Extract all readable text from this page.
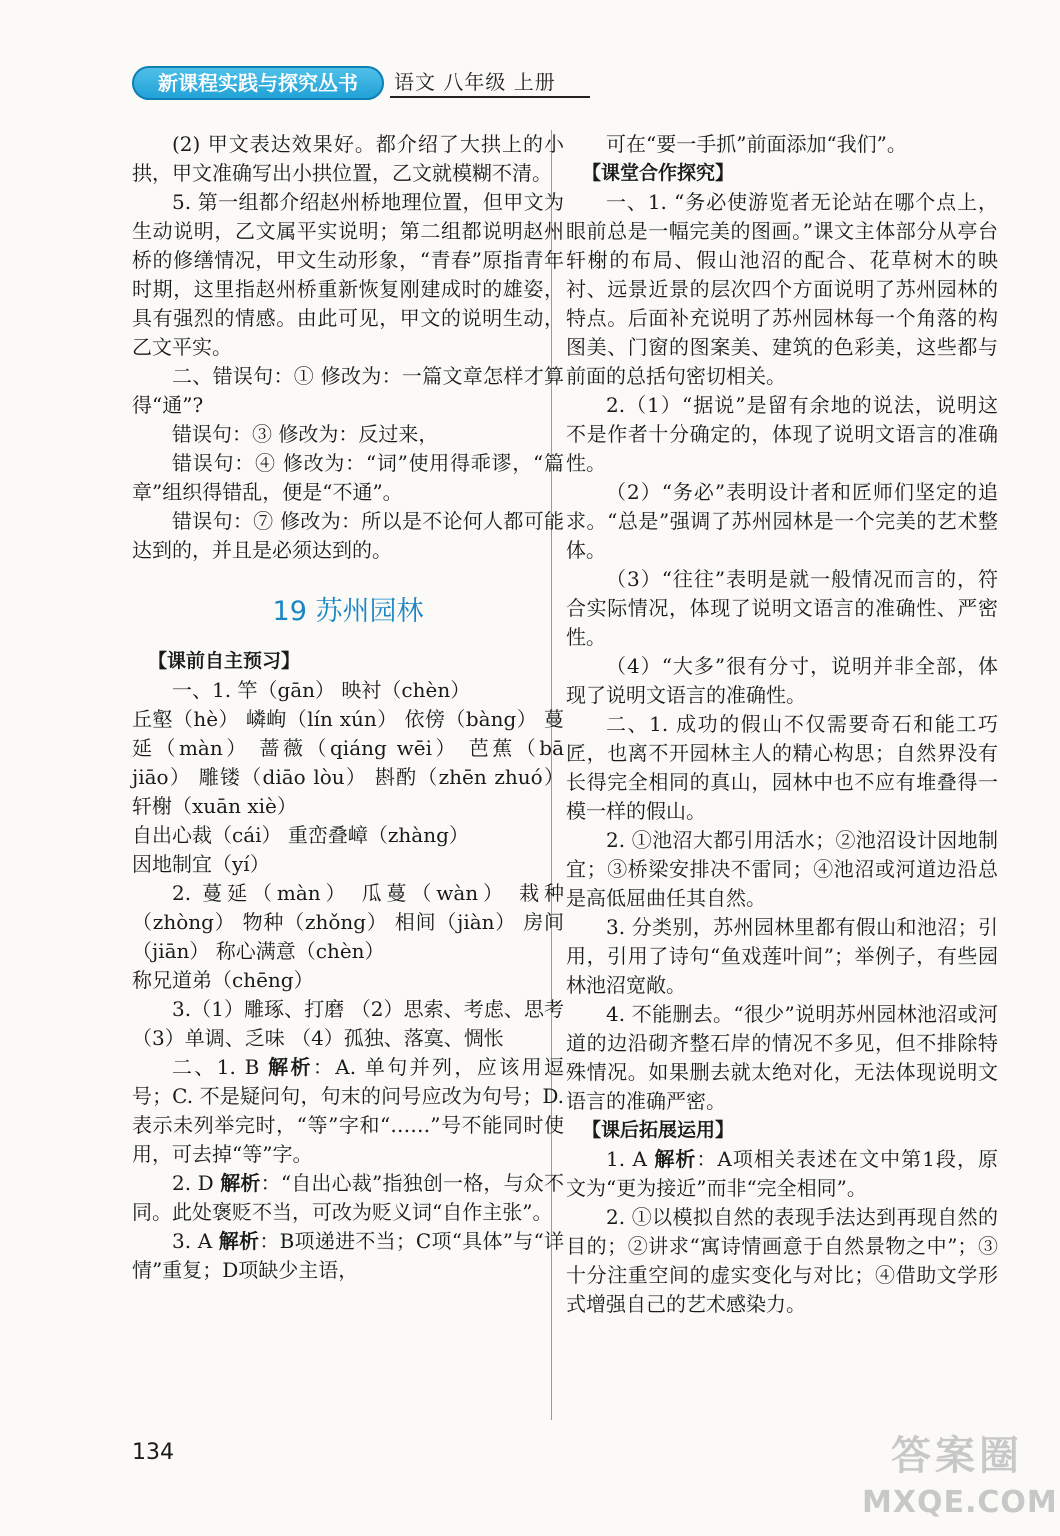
新课程实践与探究丛书	语文 八年级 上册

(2) 甲文表达效果好。都介绍了大拱上的小拱，甲文准确写出小拱位置，乙文就模糊不清。

5. 第一组都介绍赵州桥地理位置，但甲文为生动说明，乙文属平实说明；第二组都说明赵州桥的修缮情况，甲文生动形象，“青春”原指青年时期，这里指赵州桥重新恢复刚建成时的雄姿，具有强烈的情感。由此可见，甲文的说明生动，乙文平实。

二、错误句：① 修改为：一篇文章怎样才算得“通”?

错误句：③ 修改为：反过来，

错误句：④ 修改为：“词”使用得乖谬，“篇章”组织得错乱，便是“不通”。

错误句：⑦ 修改为：所以是不论何人都可能达到的，并且是必须达到的。

19 苏州园林
【课前自主预习】

一、1. 竿（gān） 映衬（chèn）

丘壑（hè） 嶙峋（lín xún） 依傍（bàng） 蔓延（màn） 蔷薇（qiáng wēi） 芭蕉（bā jiāo） 雕镂（diāo lòu） 斟酌（zhēn zhuó） 轩榭（xuān xiè）

自出心裁（cái） 重峦叠嶂（zhàng）

因地制宜（yí）

2. 蔓延（màn） 瓜蔓（wàn） 栽种（zhòng） 物种（zhǒng） 相间（jiàn） 房间（jiān） 称心满意（chèn）

称兄道弟（chēng）

3.（1）雕琢、打磨 （2）思索、考虑、思考 （3）单调、乏味 （4）孤独、落寞、惆怅

二、1. B 解析：A. 单句并列，应该用逗号；C. 不是疑问句，句末的问号应改为句号；D. 表示未列举完时，“等”字和“……”号不能同时使用，可去掉“等”字。

2. D 解析：“自出心裁”指独创一格，与众不同。此处褒贬不当，可改为贬义词“自作主张”。

3. A 解析：B项递进不当；C项“具体”与“详情”重复；D项缺少主语，

可在“要一手抓”前面添加“我们”。

【课堂合作探究】

一、1. “务必使游览者无论站在哪个点上，眼前总是一幅完美的图画。”课文主体部分从亭台轩榭的布局、假山池沼的配合、花草树木的映衬、远景近景的层次四个方面说明了苏州园林的特点。后面补充说明了苏州园林每一个角落的构图美、门窗的图案美、建筑的色彩美，这些都与前面的总括句密切相关。

2.（1）“据说”是留有余地的说法，说明这不是作者十分确定的，体现了说明文语言的准确性。

（2）“务必”表明设计者和匠师们坚定的追求。“总是”强调了苏州园林是一个完美的艺术整体。

（3）“往往”表明是就一般情况而言的，符合实际情况，体现了说明文语言的准确性、严密性。

（4）“大多”很有分寸，说明并非全部，体现了说明文语言的准确性。

二、1. 成功的假山不仅需要奇石和能工巧匠，也离不开园林主人的精心构思；自然界没有长得完全相同的真山，园林中也不应有堆叠得一模一样的假山。

2. ①池沼大都引用活水；②池沼设计因地制宜；③桥梁安排决不雷同；④池沼或河道边沿总是高低屈曲任其自然。

3. 分类别，苏州园林里都有假山和池沼；引用，引用了诗句“鱼戏莲叶间”；举例子，有些园林池沼宽敞。

4. 不能删去。“很少”说明苏州园林池沼或河道的边沿砌齐整石岸的情况不多见，但不排除特殊情况。如果删去就太绝对化，无法体现说明文语言的准确严密。

【课后拓展运用】

1. A 解析：A项相关表述在文中第1段，原文为“更为接近”而非“完全相同”。

2. ①以模拟自然的表现手法达到再现自然的目的；②讲求“寓诗情画意于自然景物之中”；③十分注重空间的虚实变化与对比；④借助文学形式增强自己的艺术感染力。

134	答案圈
MXQE.COM
